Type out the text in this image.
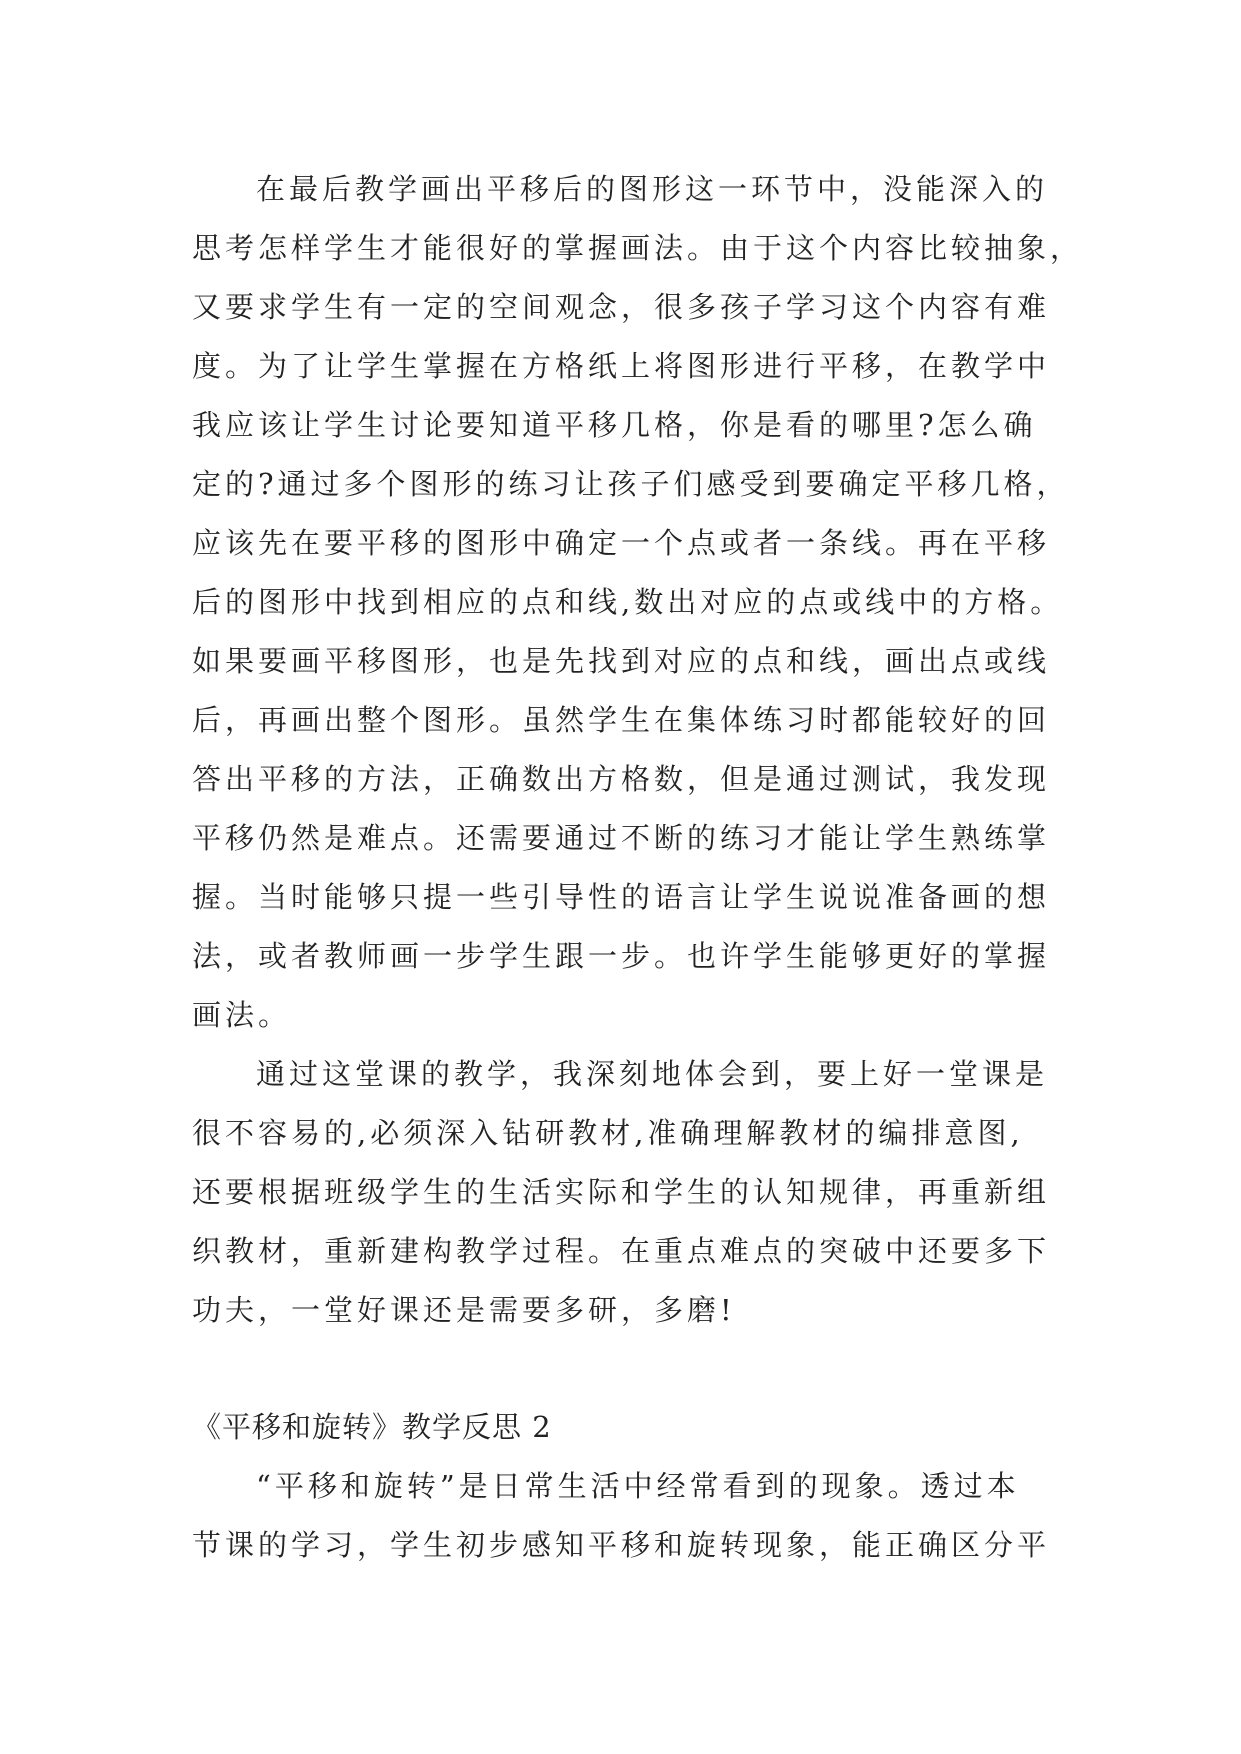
在最后教学画出平移后的图形这一环节中，没能深入的
思考怎样学生才能很好的掌握画法。由于这个内容比较抽象，
又要求学生有一定的空间观念，很多孩子学习这个内容有难
度。为了让学生掌握在方格纸上将图形进行平移，在教学中
我应该让学生讨论要知道平移几格，你是看的哪里?怎么确
定的?通过多个图形的练习让孩子们感受到要确定平移几格，
应该先在要平移的图形中确定一个点或者一条线。再在平移
后的图形中找到相应的点和线,数出对应的点或线中的方格。
如果要画平移图形，也是先找到对应的点和线，画出点或线
后，再画出整个图形。虽然学生在集体练习时都能较好的回
答出平移的方法，正确数出方格数，但是通过测试，我发现
平移仍然是难点。还需要通过不断的练习才能让学生熟练掌
握。当时能够只提一些引导性的语言让学生说说准备画的想
法，或者教师画一步学生跟一步。也许学生能够更好的掌握
画法。

通过这堂课的教学，我深刻地体会到，要上好一堂课是
很不容易的,必须深入钻研教材,准确理解教材的编排意图,
还要根据班级学生的生活实际和学生的认知规律，再重新组
织教材，重新建构教学过程。在重点难点的突破中还要多下
功夫，一堂好课还是需要多研，多磨!

《平移和旋转》教学反思 2

“平移和旋转”是日常生活中经常看到的现象。透过本
节课的学习，学生初步感知平移和旋转现象，能正确区分平
